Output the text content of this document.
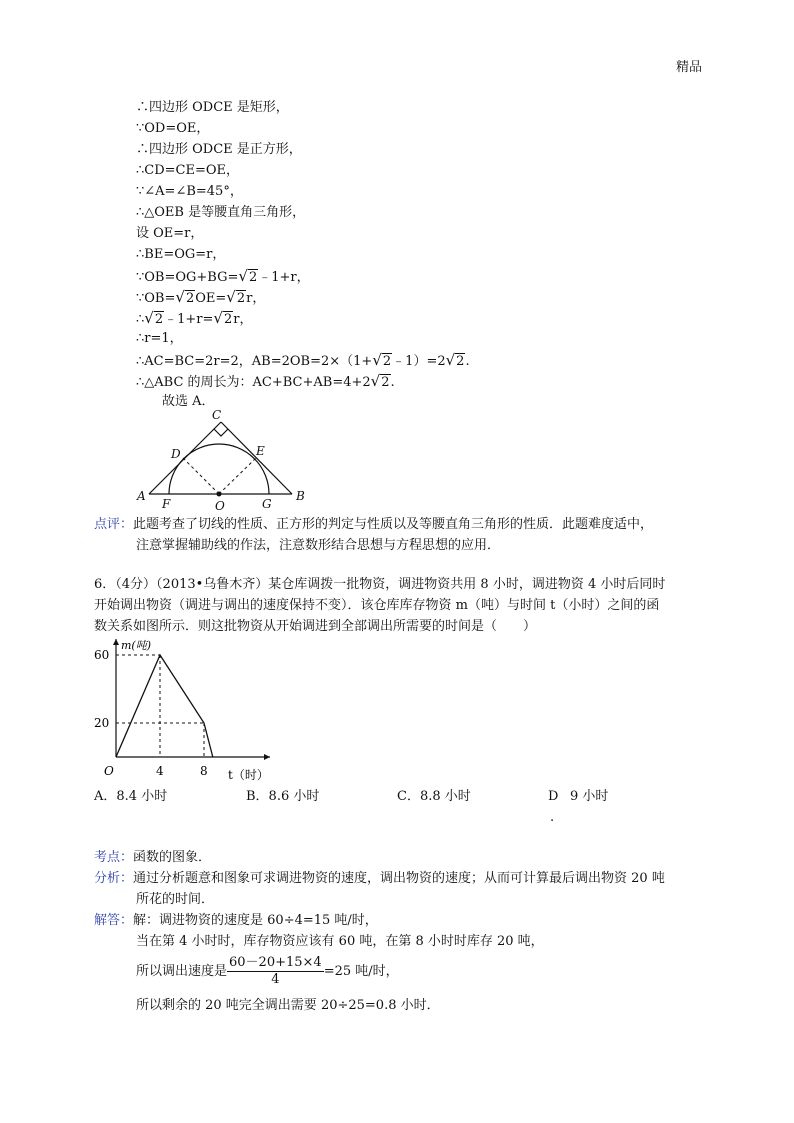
精品
∴四边形 ODCE 是矩形，
∵OD=OE，
∴四边形 ODCE 是正方形，
∴CD=CE=OE，
∵∠A=∠B=45°，
∴△OEB 是等腰直角三角形，
设 OE=r，
∴BE=OG=r，
∵OB=OG+BG=√2﹣1+r，
∵OB=√2OE=√2r，
∴√2﹣1+r=√2r，
∴r=1，
∴AC=BC=2r=2，AB=2OB=2×（1+√2﹣1）=2√2.
∴△ABC 的周长为：AC+BC+AB=4+2√2.
故选 A．
C
D	E
A
F	O	G
B
点评：此题考查了切线的性质、正方形的判定与性质以及等腰直角三角形的性质．此题难度适中，
注意掌握辅助线的作法，注意数形结合思想与方程思想的应用．
6．（4分）（2013•乌鲁木齐）某仓库调拨一批物资，调进物资共用 8 小时，调进物资 4 小时后同时
开始调出物资（调进与调出的速度保持不变）．该仓库库存物资 m（吨）与时间 t（小时）之间的函
数关系如图所示．则这批物资从开始调进到全部调出所需要的时间是（　　）
m(吨)
t（时）
O	4	8
60
20
A．8.4 小时	B．8.6 小时	C．8.8 小时	D 9 小时
.
考点：函数的图象．
分析：通过分析题意和图象可求调进物资的速度，调出物资的速度；从而可计算最后调出物资 20 吨
所花的时间．
解答：解：调进物资的速度是 60÷4=15 吨/时，
当在第 4 小时时，库存物资应该有 60 吨，在第 8 小时时库存 20 吨，
所以调出速度是 $\frac{60-20+15\times 4}{4} =25$ 吨/时，
所以剩余的 20 吨完全调出需要 20÷25=0.8 小时．
